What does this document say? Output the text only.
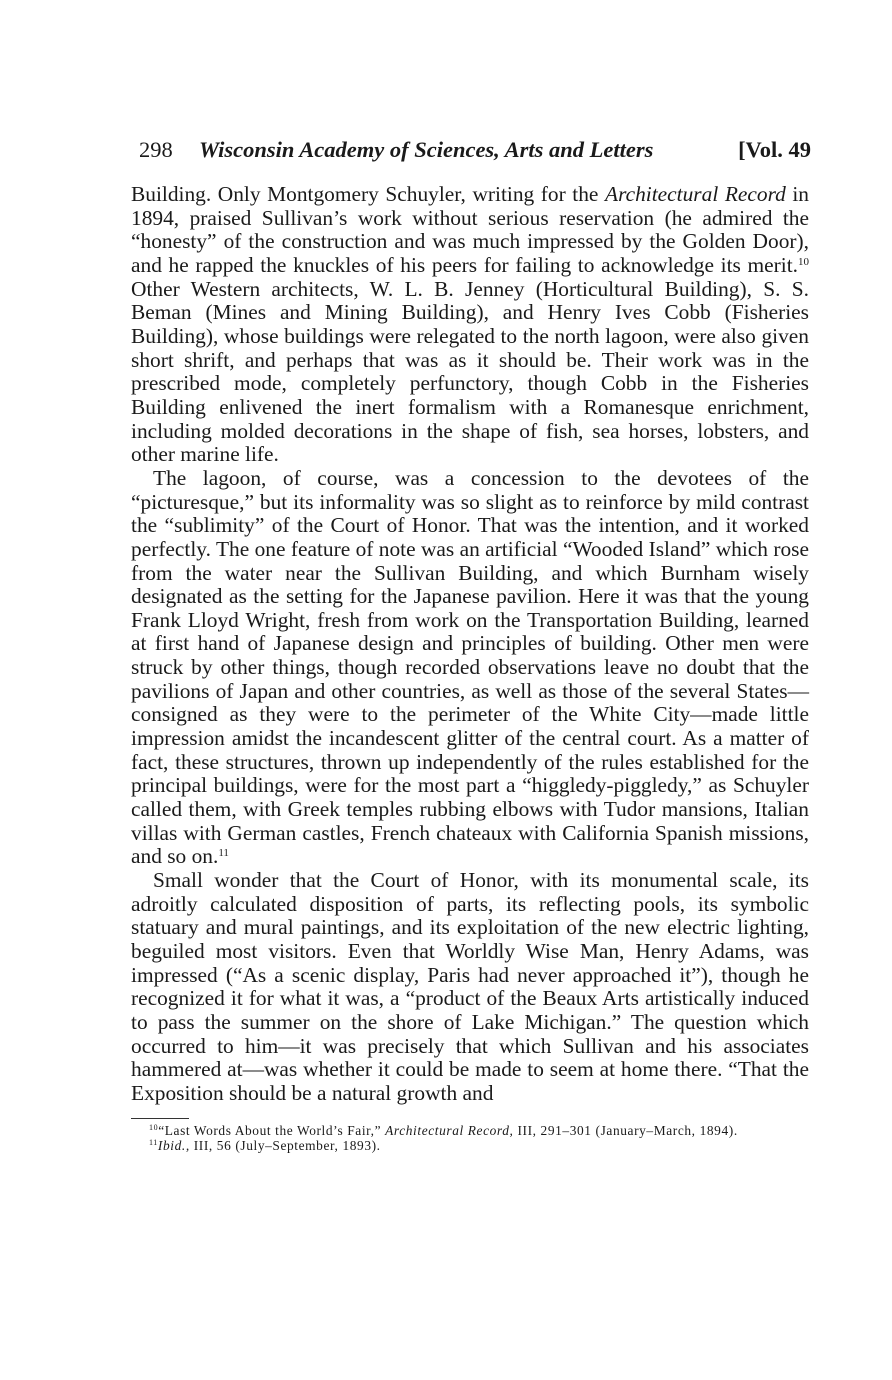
298 Wisconsin Academy of Sciences, Arts and Letters	[Vol. 49

Building. Only Montgomery Schuyler, writing for the Architectural Record in 1894, praised Sullivan’s work without serious reservation (he admired the “honesty” of the construction and was much impressed by the Golden Door), and he rapped the knuckles of his peers for failing to acknowledge its merit.$^{10}$ Other Western architects, W. L. B. Jenney (Horticultural Building), S. S. Beman (Mines and Mining Building), and Henry Ives Cobb (Fisheries Building), whose buildings were relegated to the north lagoon, were also given short shrift, and perhaps that was as it should be. Their work was in the prescribed mode, completely perfunctory, though Cobb in the Fisheries Building enlivened the inert formalism with a Romanesque enrichment, including molded decorations in the shape of fish, sea horses, lobsters, and other marine life.

The lagoon, of course, was a concession to the devotees of the “picturesque,” but its informality was so slight as to reinforce by mild contrast the “sublimity” of the Court of Honor. That was the intention, and it worked perfectly. The one feature of note was an artificial “Wooded Island” which rose from the water near the Sullivan Building, and which Burnham wisely designated as the setting for the Japanese pavilion. Here it was that the young Frank Lloyd Wright, fresh from work on the Transportation Building, learned at first hand of Japanese design and principles of building. Other men were struck by other things, though recorded observations leave no doubt that the pavilions of Japan and other countries, as well as those of the several States—consigned as they were to the perimeter of the White City—made little impression amidst the incandescent glitter of the central court. As a matter of fact, these structures, thrown up independently of the rules established for the principal buildings, were for the most part a “higgledy-piggledy,” as Schuyler called them, with Greek temples rubbing elbows with Tudor mansions, Italian villas with German castles, French chateaux with California Spanish missions, and so on.$^{11}$

Small wonder that the Court of Honor, with its monumental scale, its adroitly calculated disposition of parts, its reflecting pools, its symbolic statuary and mural paintings, and its exploitation of the new electric lighting, beguiled most visitors. Even that Worldly Wise Man, Henry Adams, was impressed (“As a scenic display, Paris had never approached it”), though he recognized it for what it was, a “product of the Beaux Arts artistically induced to pass the summer on the shore of Lake Michigan.” The question which occurred to him—it was precisely that which Sullivan and his associates hammered at—was whether it could be made to seem at home there. “That the Exposition should be a natural growth and

$^{10}$“Last Words About the World’s Fair,” Architectural Record, III, 291–301 (January–March, 1894).

$^{11}$Ibid., III, 56 (July–September, 1893).
